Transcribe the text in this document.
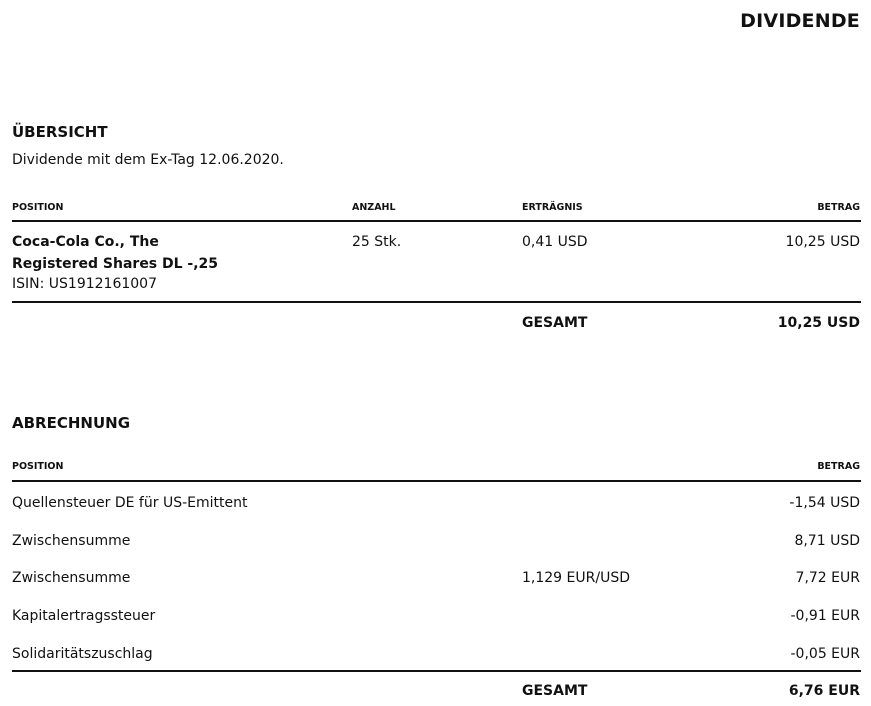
DIVIDENDE
ÜBERSICHT
Dividende mit dem Ex-Tag 12.06.2020.
POSITION	ANZAHL	ERTRÄGNIS	BETRAG
Coca-Cola Co., The
Registered Shares DL -,25
ISIN: US1912161007
25 Stk.	0,41 USD	10,25 USD
GESAMT	10,25 USD
ABRECHNUNG
POSITION	BETRAG
Quellensteuer DE für US-Emittent	-1,54 USD
Zwischensumme	8,71 USD
Zwischensumme	1,129 EUR/USD	7,72 EUR
Kapitalertragssteuer	-0,91 EUR
Solidaritätszuschlag	-0,05 EUR
GESAMT	6,76 EUR
